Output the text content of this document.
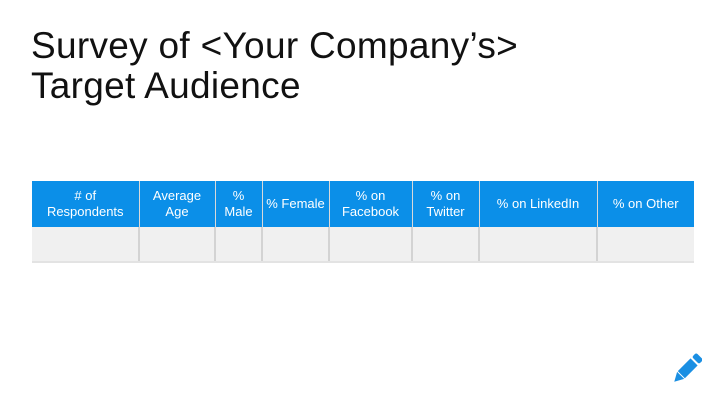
Survey of <Your Company’s>
Target Audience
# of Respondents	Average Age	% Male	% Female	% on Facebook	% on Twitter	% on LinkedIn	% on Other
